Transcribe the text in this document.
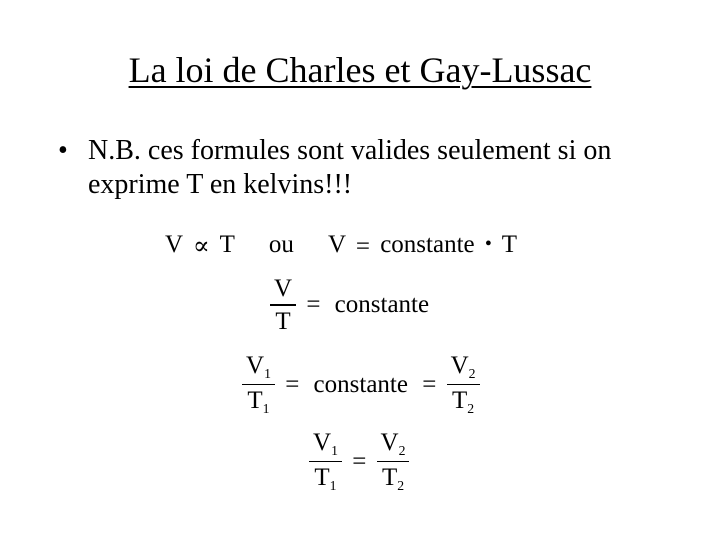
La loi de Charles et Gay-Lussac
• N.B. ces formules sont valides seulement si on exprime T en kelvins!!!
V ∝ T ou V = constante • T
$\frac{V}{T}$ = constante
$\frac{V_1}{T_1}$ = constante = $\frac{V_2}{T_2}$
$\frac{V_1}{T_1} = \frac{V_2}{T_2}$
